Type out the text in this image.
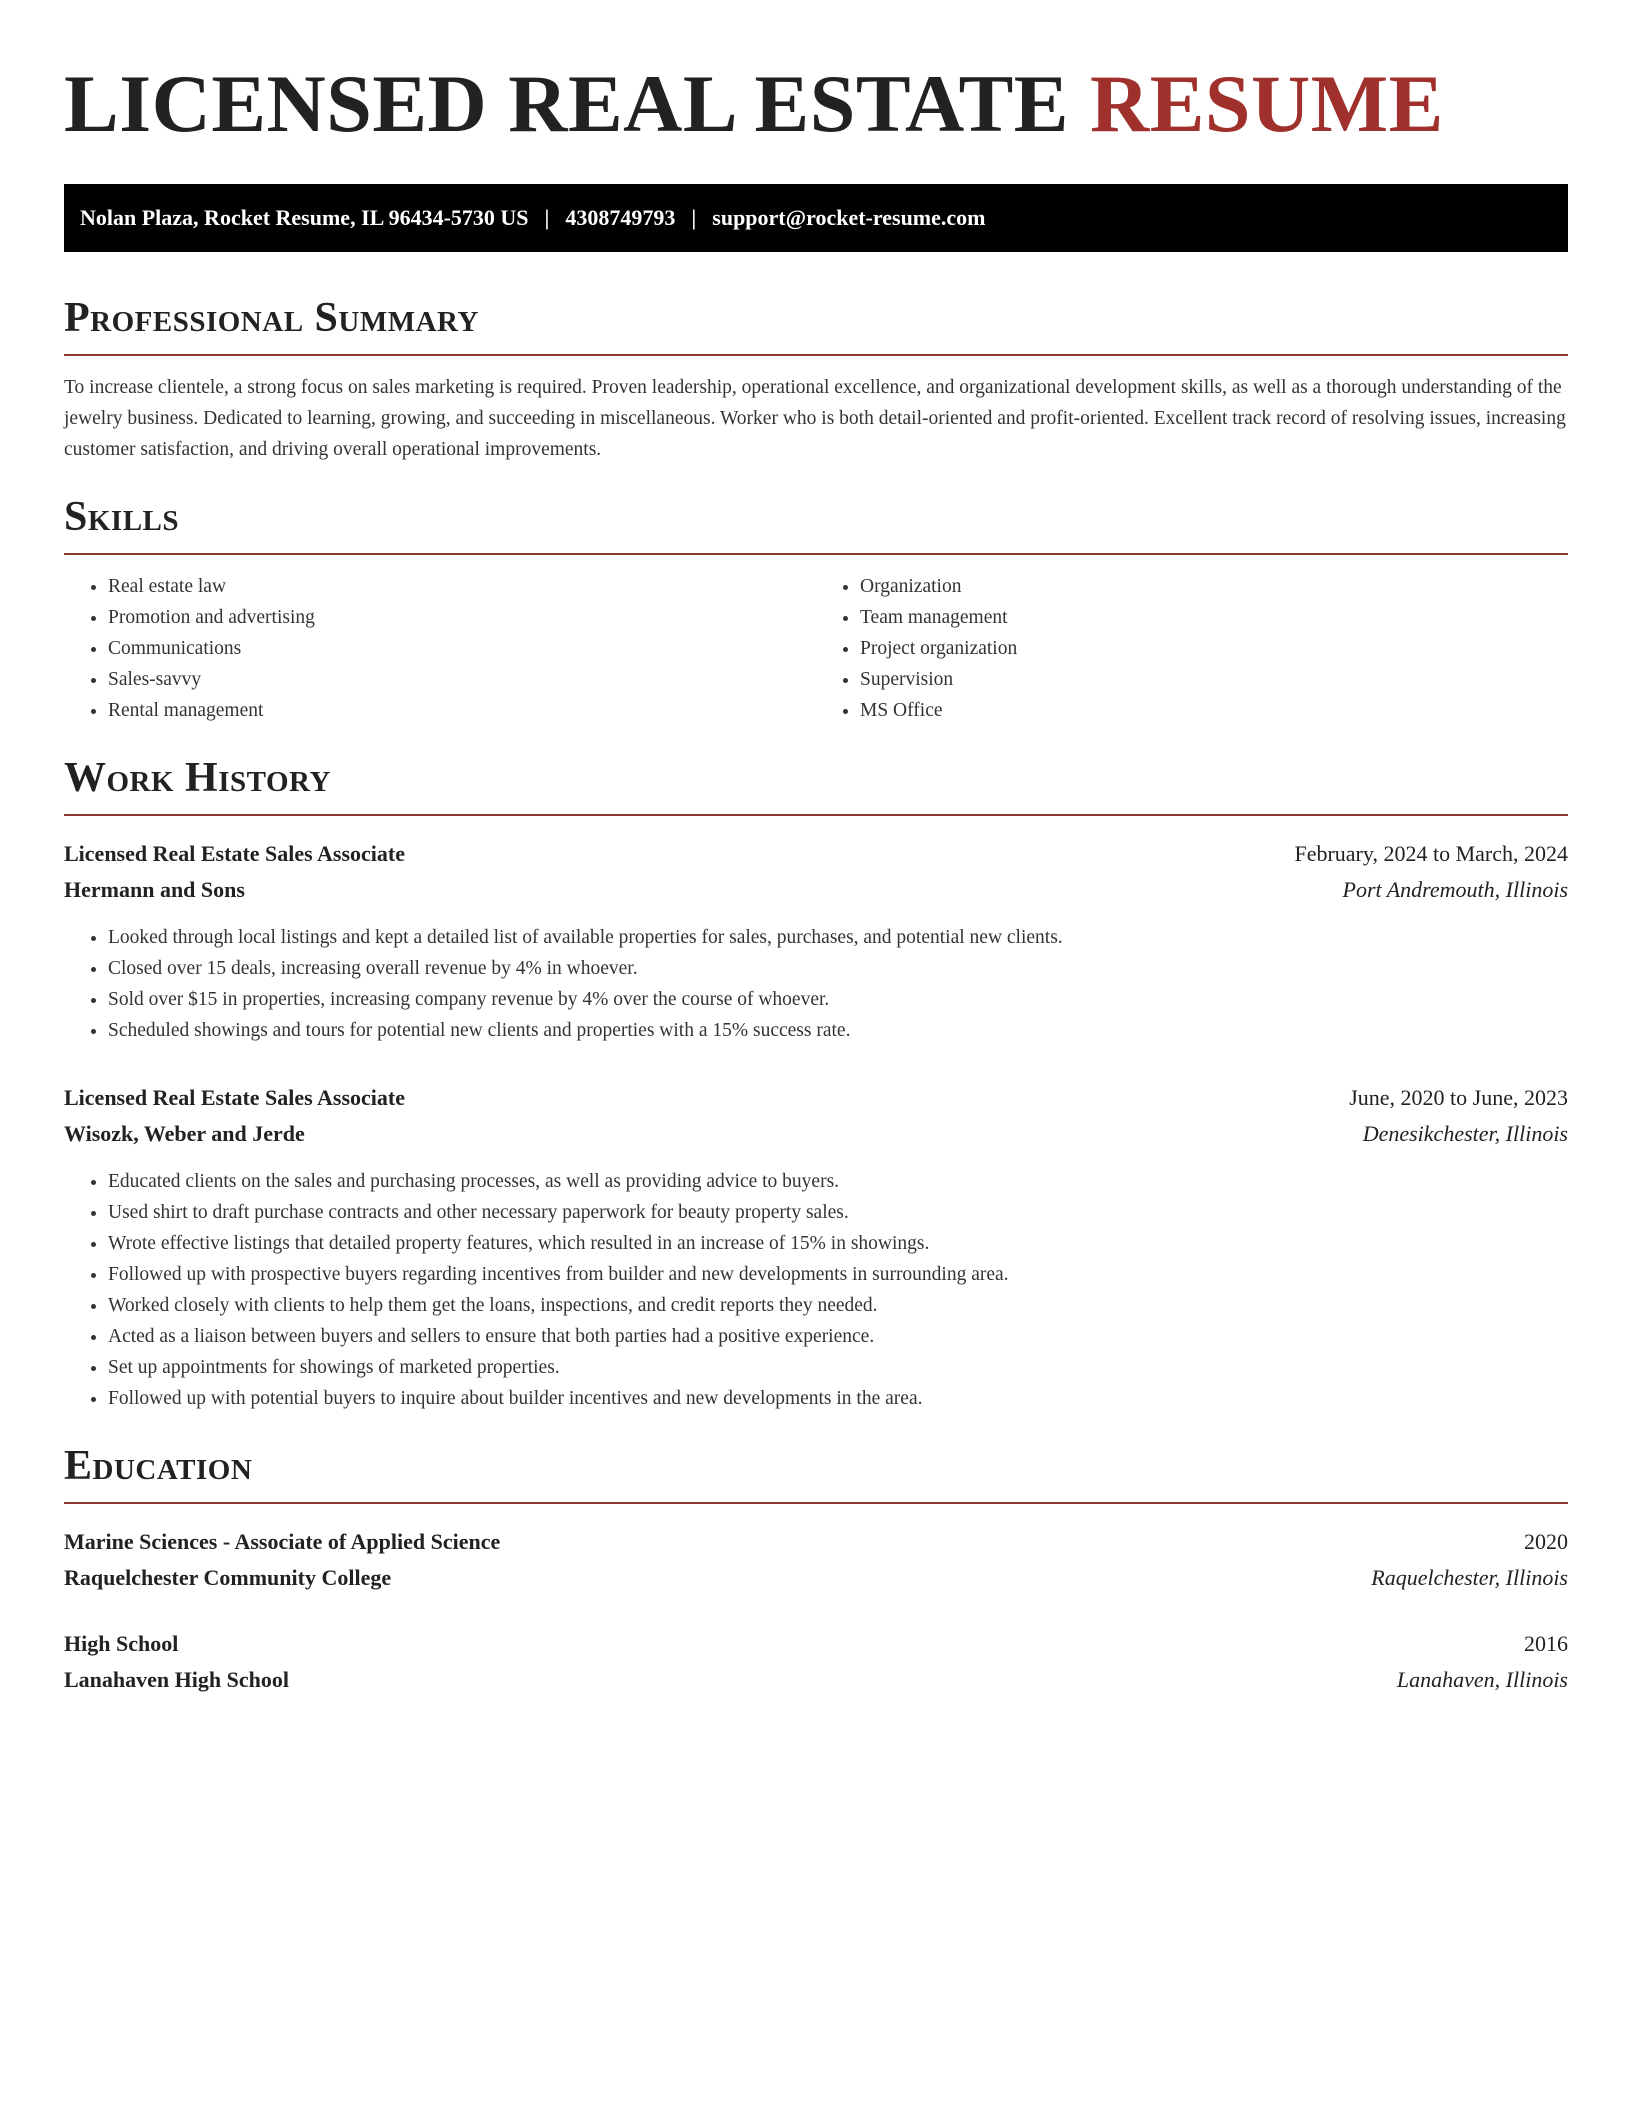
LICENSED REAL ESTATE RESUME
Nolan Plaza, Rocket Resume, IL 96434-5730 US | 4308749793 | support@rocket-resume.com
Professional Summary

To increase clientele, a strong focus on sales marketing is required. Proven leadership, operational excellence, and organizational development skills, as well as a thorough understanding of the jewelry business. Dedicated to learning, growing, and succeeding in miscellaneous. Worker who is both detail-oriented and profit-oriented. Excellent track record of resolving issues, increasing customer satisfaction, and driving overall operational improvements.

Skills
• Real estate law
• Promotion and advertising
• Communications
• Sales-savvy
• Rental management
• Organization
• Team management
• Project organization
• Supervision
• MS Office
Work History
Licensed Real Estate Sales Associate	February, 2024 to March, 2024
Hermann and Sons	Port Andremouth, Illinois
• Looked through local listings and kept a detailed list of available properties for sales, purchases, and potential new clients.
• Closed over 15 deals, increasing overall revenue by 4% in whoever.
• Sold over $15 in properties, increasing company revenue by 4% over the course of whoever.
• Scheduled showings and tours for potential new clients and properties with a 15% success rate.
Licensed Real Estate Sales Associate	June, 2020 to June, 2023
Wisozk, Weber and Jerde	Denesikchester, Illinois
• Educated clients on the sales and purchasing processes, as well as providing advice to buyers.
• Used shirt to draft purchase contracts and other necessary paperwork for beauty property sales.
• Wrote effective listings that detailed property features, which resulted in an increase of 15% in showings.
• Followed up with prospective buyers regarding incentives from builder and new developments in surrounding area.
• Worked closely with clients to help them get the loans, inspections, and credit reports they needed.
• Acted as a liaison between buyers and sellers to ensure that both parties had a positive experience.
• Set up appointments for showings of marketed properties.
• Followed up with potential buyers to inquire about builder incentives and new developments in the area.
Education
Marine Sciences - Associate of Applied Science	2020
Raquelchester Community College	Raquelchester, Illinois
High School	2016
Lanahaven High School	Lanahaven, Illinois
